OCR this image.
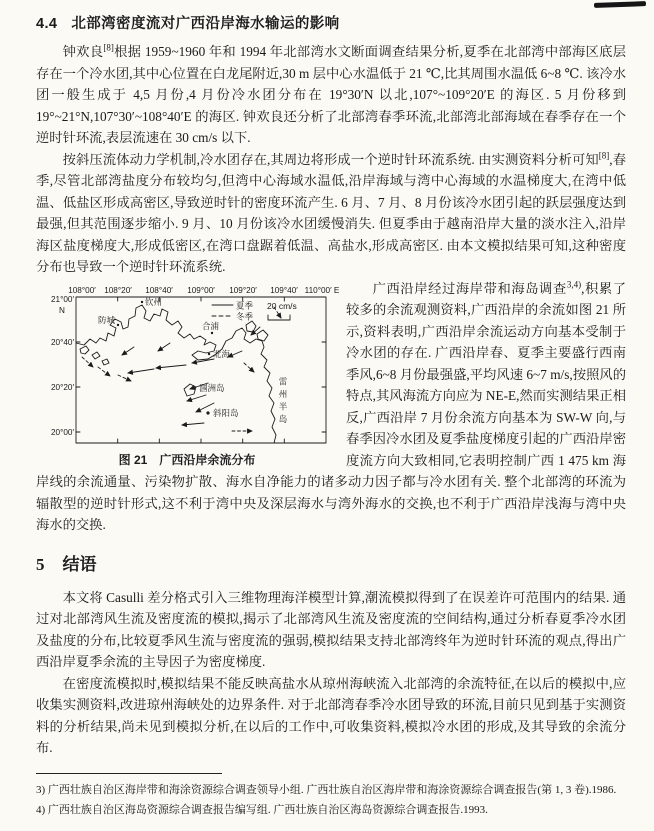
4.4 北部湾密度流对广西沿岸海水输运的影响

钟欢良[8]根据 1959~1960 年和 1994 年北部湾水文断面调查结果分析,夏季在北部湾中部海区底层存在一个冷水团,其中心位置在白龙尾附近,30 m 层中心水温低于 21 ℃,比其周围水温低 6~8 ℃. 该冷水团一般生成于 4,5 月份,4 月份冷水团分布在 19°30′N 以北,107°~109°20′E 的海区. 5 月份移到 19°~21°N,107°30′~108°40′E 的海区. 钟欢良还分析了北部湾春季环流,北部湾北部海域在春季存在一个逆时针环流,表层流速在 30 cm/s 以下.

按斜压流体动力学机制,冷水团存在,其周边将形成一个逆时针环流系统. 由实测资料分析可知[8],春季,尽管北部湾盐度分布较均匀,但湾中心海域水温低,沿岸海域与湾中心海域的水温梯度大,在湾中低温、低盐区形成高密区,导致逆时针的密度环流产生. 6 月、7 月、8 月份该冷水团引起的跃层强度达到最强,但其范围逐步缩小. 9 月、10 月份该冷水团缓慢消失. 但夏季由于越南沿岸大量的淡水注入,沿岸海区盐度梯度大,形成低密区,在湾口盘踞着低温、高盐水,形成高密区. 由本文模拟结果可知,这种密度分布也导致一个逆时针环流系统.

108°00′ 108°20′ 108°40′ 109°00′ 109°20′ 109°40′ 110°00′ E
21°00′
N
20°40′
20°20′
20°00′
夏季
冬季
20 cm/s
钦州
防城
合浦
北海
涠洲岛
斜阳岛	雷州半岛
图 21 广西沿岸余流分布

广西沿岸经过海岸带和海岛调查$^{3,4)}$,积累了较多的余流观测资料,广西沿岸的余流如图 21 所示,资料表明,广西沿岸余流运动方向基本受制于冷水团的存在. 广西沿岸春、夏季主要盛行西南季风,6~8 月份最强盛,平均风速 6~7 m/s,按照风的特点,其风海流方向应为 NE-E,然而实测结果正相反,广西沿岸 7 月份余流方向基本为 SW-W 向,与春季因冷水团及夏季盐度梯度引起的广西沿岸密度流方向大致相同,它表明控制广西 1 475 km 海岸线的余流通量、污染物扩散、海水自净能力的诸多动力因子都与冷水团有关. 整个北部湾的环流为辐散型的逆时针形式,这不利于湾中央及深层海水与湾外海水的交换,也不利于广西沿岸浅海与湾中央海水的交换.

5 结语

本文将 Casulli 差分格式引入三维物理海洋模型计算,潮流模拟得到了在误差许可范围内的结果. 通过对北部湾风生流及密度流的模拟,揭示了北部湾风生流及密度流的空间结构,通过分析春夏季冷水团及盐度的分布,比较夏季风生流与密度流的强弱,模拟结果支持北部湾终年为逆时针环流的观点,得出广西沿岸夏季余流的主导因子为密度梯度.

在密度流模拟时,模拟结果不能反映高盐水从琼州海峡流入北部湾的余流特征,在以后的模拟中,应收集实测资料,改进琼州海峡处的边界条件. 对于北部湾春季冷水团导致的环流,目前只见到基于实测资料的分析结果,尚未见到模拟分析,在以后的工作中,可收集资料,模拟冷水团的形成,及其导致的余流分布.

3) 广西壮族自治区海岸带和海涂资源综合调查领导小组. 广西壮族自治区海岸带和海涂资源综合调查报告(第 1, 3 卷).1986.

4) 广西壮族自治区海岛资源综合调查报告编写组. 广西壮族自治区海岛资源综合调查报告.1993.
